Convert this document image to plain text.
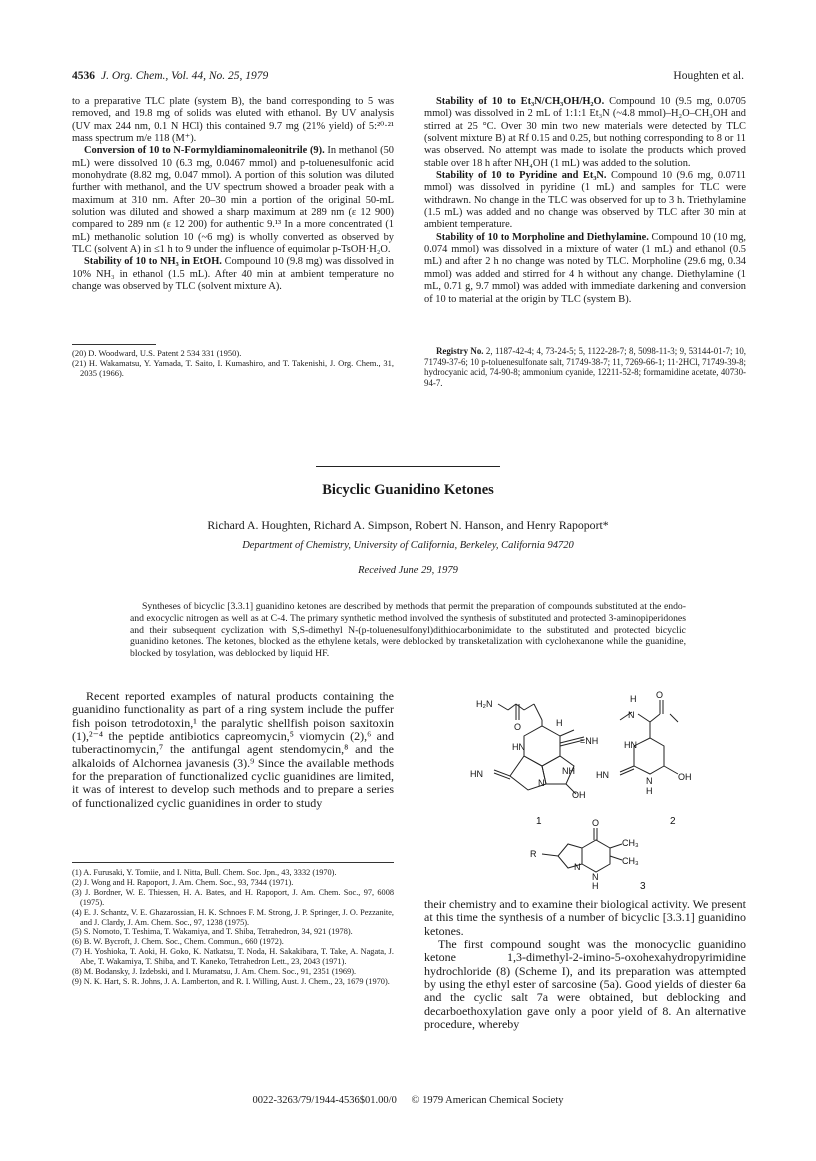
4536 J. Org. Chem., Vol. 44, No. 25, 1979	Houghten et al.

to a preparative TLC plate (system B), the band corresponding to 5 was removed, and 19.8 mg of solids was eluted with ethanol. By UV analysis (UV max 244 nm, 0.1 N HCl) this contained 9.7 mg (21% yield) of 5:²⁰·²¹ mass spectrum m/e 118 (M⁺).

Conversion of 10 to N-Formyldiaminomaleonitrile (9). In methanol (50 mL) were dissolved 10 (6.3 mg, 0.0467 mmol) and p-toluenesulfonic acid monohydrate (8.82 mg, 0.047 mmol). A portion of this solution was diluted further with methanol, and the UV spectrum showed a broader peak with a maximum at 310 nm. After 20–30 min a portion of the original 50-mL solution was diluted and showed a sharp maximum at 289 nm (ε 12 900) compared to 289 nm (ε 12 200) for authentic 9.¹³ In a more concentrated (1 mL) methanolic solution 10 (~6 mg) is wholly converted as observed by TLC (solvent A) in ≤1 h to 9 under the influence of equimolar p-TsOH·H₂O.

Stability of 10 to NH₃ in EtOH. Compound 10 (9.8 mg) was dissolved in 10% NH₃ in ethanol (1.5 mL). After 40 min at ambient temperature no change was observed by TLC (solvent mixture A).

(20) D. Woodward, U.S. Patent 2 534 331 (1950).

(21) H. Wakamatsu, Y. Yamada, T. Saito, I. Kumashiro, and T. Takenishi, J. Org. Chem., 31, 2035 (1966).

Stability of 10 to Et₃N/CH₃OH/H₂O. Compound 10 (9.5 mg, 0.0705 mmol) was dissolved in 2 mL of 1:1:1 Et₃N (~4.8 mmol)–H₂O–CH₃OH and stirred at 25 °C. Over 30 min two new materials were detected by TLC (solvent mixture B) at Rf 0.15 and 0.25, but nothing corresponding to 8 or 11 was observed. No attempt was made to isolate the products which proved stable over 18 h after NH₄OH (1 mL) was added to the solution.

Stability of 10 to Pyridine and Et₃N. Compound 10 (9.6 mg, 0.0711 mmol) was dissolved in pyridine (1 mL) and samples for TLC were withdrawn. No change in the TLC was observed for up to 3 h. Triethylamine (1.5 mL) was added and no change was observed by TLC after 30 min at ambient temperature.

Stability of 10 to Morpholine and Diethylamine. Compound 10 (10 mg, 0.074 mmol) was dissolved in a mixture of water (1 mL) and ethanol (0.5 mL) and after 2 h no change was noted by TLC. Morpholine (29.6 mg, 0.34 mmol) was added and stirred for 4 h without any change. Diethylamine (1 mL, 0.71 g, 9.7 mmol) was added with immediate darkening and conversion of 10 to material at the origin by TLC (system B).

Registry No. 2, 1187-42-4; 4, 73-24-5; 5, 1122-28-7; 8, 5098-11-3; 9, 53144-01-7; 10, 71749-37-6; 10 p-toluenesulfonate salt, 71749-38-7; 11, 7269-66-1; 11·2HCl, 71749-39-8; hydrocyanic acid, 74-90-8; ammonium cyanide, 12211-52-8; formamidine acetate, 40730-94-7.

Bicyclic Guanidino Ketones
Richard A. Houghten, Richard A. Simpson, Robert N. Hanson, and Henry Rapoport*
Department of Chemistry, University of California, Berkeley, California 94720
Received June 29, 1979

Syntheses of bicyclic [3.3.1] guanidino ketones are described by methods that permit the preparation of compounds substituted at the endo- and exocyclic nitrogen as well as at C-4. The primary synthetic method involved the synthesis of substituted and protected 3-aminopiperidones and their subsequent cyclization with S,S-dimethyl N-(p-toluenesulfonyl)dithiocarbonimidate to the substituted and protected bicyclic guanidino ketones. The ketones, blocked as the ethylene ketals, were deblocked by transketalization with cyclohexanone while the guanidine, blocked by tosylation, was deblocked by liquid HF.

Recent reported examples of natural products containing the guanidino functionality as part of a ring system include the puffer fish poison tetrodotoxin,¹ the paralytic shellfish poison saxitoxin (1),²⁻⁴ the peptide antibiotics capreomycin,⁵ viomycin (2),⁶ and tuberactinomycin,⁷ the antifungal agent stendomycin,⁸ and the alkaloids of Alchornea javanesis (3).⁹ Since the available methods for the preparation of functionalized cyclic guanidines are limited, it was of interest to develop such methods and to prepare a series of functionalized cyclic guanidines in order to study

(1) A. Furusaki, Y. Tomiie, and I. Nitta, Bull. Chem. Soc. Jpn., 43, 3332 (1970).

(2) J. Wong and H. Rapoport, J. Am. Chem. Soc., 93, 7344 (1971).

(3) J. Bordner, W. E. Thiessen, H. A. Bates, and H. Rapoport, J. Am. Chem. Soc., 97, 6008 (1975).

(4) E. J. Schantz, V. E. Ghazarossian, H. K. Schnoes F. M. Strong, J. P. Springer, J. O. Pezzanite, and J. Clardy, J. Am. Chem. Soc., 97, 1238 (1975).

(5) S. Nomoto, T. Teshima, T. Wakamiya, and T. Shiba, Tetrahedron, 34, 921 (1978).

(6) B. W. Bycroft, J. Chem. Soc., Chem. Commun., 660 (1972).

(7) H. Yoshioka, T. Aoki, H. Goko, K. Natkatsu, T. Noda, H. Sakakibara, T. Take, A. Nagata, J. Abe, T. Wakamiya, T. Shiba, and T. Kaneko, Tetrahedron Lett., 23, 2043 (1971).

(8) M. Bodansky, J. Izdebski, and I. Muramatsu, J. Am. Chem. Soc., 91, 2351 (1969).

(9) N. K. Hart, S. R. Johns, J. A. Lamberton, and R. I. Willing, Aust. J. Chem., 23, 1679 (1970).

H₂N
O
HN
H
=NH
NH
N
HN
OH
1
O
H
N
HN
HN
N
H
OH
2
O
R
N
N
H
CH₃
CH₃
3

their chemistry and to examine their biological activity. We present at this time the synthesis of a number of bicyclic [3.3.1] guanidino ketones.

The first compound sought was the monocyclic guanidino ketone 1,3-dimethyl-2-imino-5-oxohexahydropyrimidine hydrochloride (8) (Scheme I), and its preparation was attempted by using the ethyl ester of sarcosine (5a). Good yields of diester 6a and the cyclic salt 7a were obtained, but deblocking and decarboethoxylation gave only a poor yield of 8. An alternative procedure, whereby

0022-3263/79/1944-4536$01.00/0 © 1979 American Chemical Society
